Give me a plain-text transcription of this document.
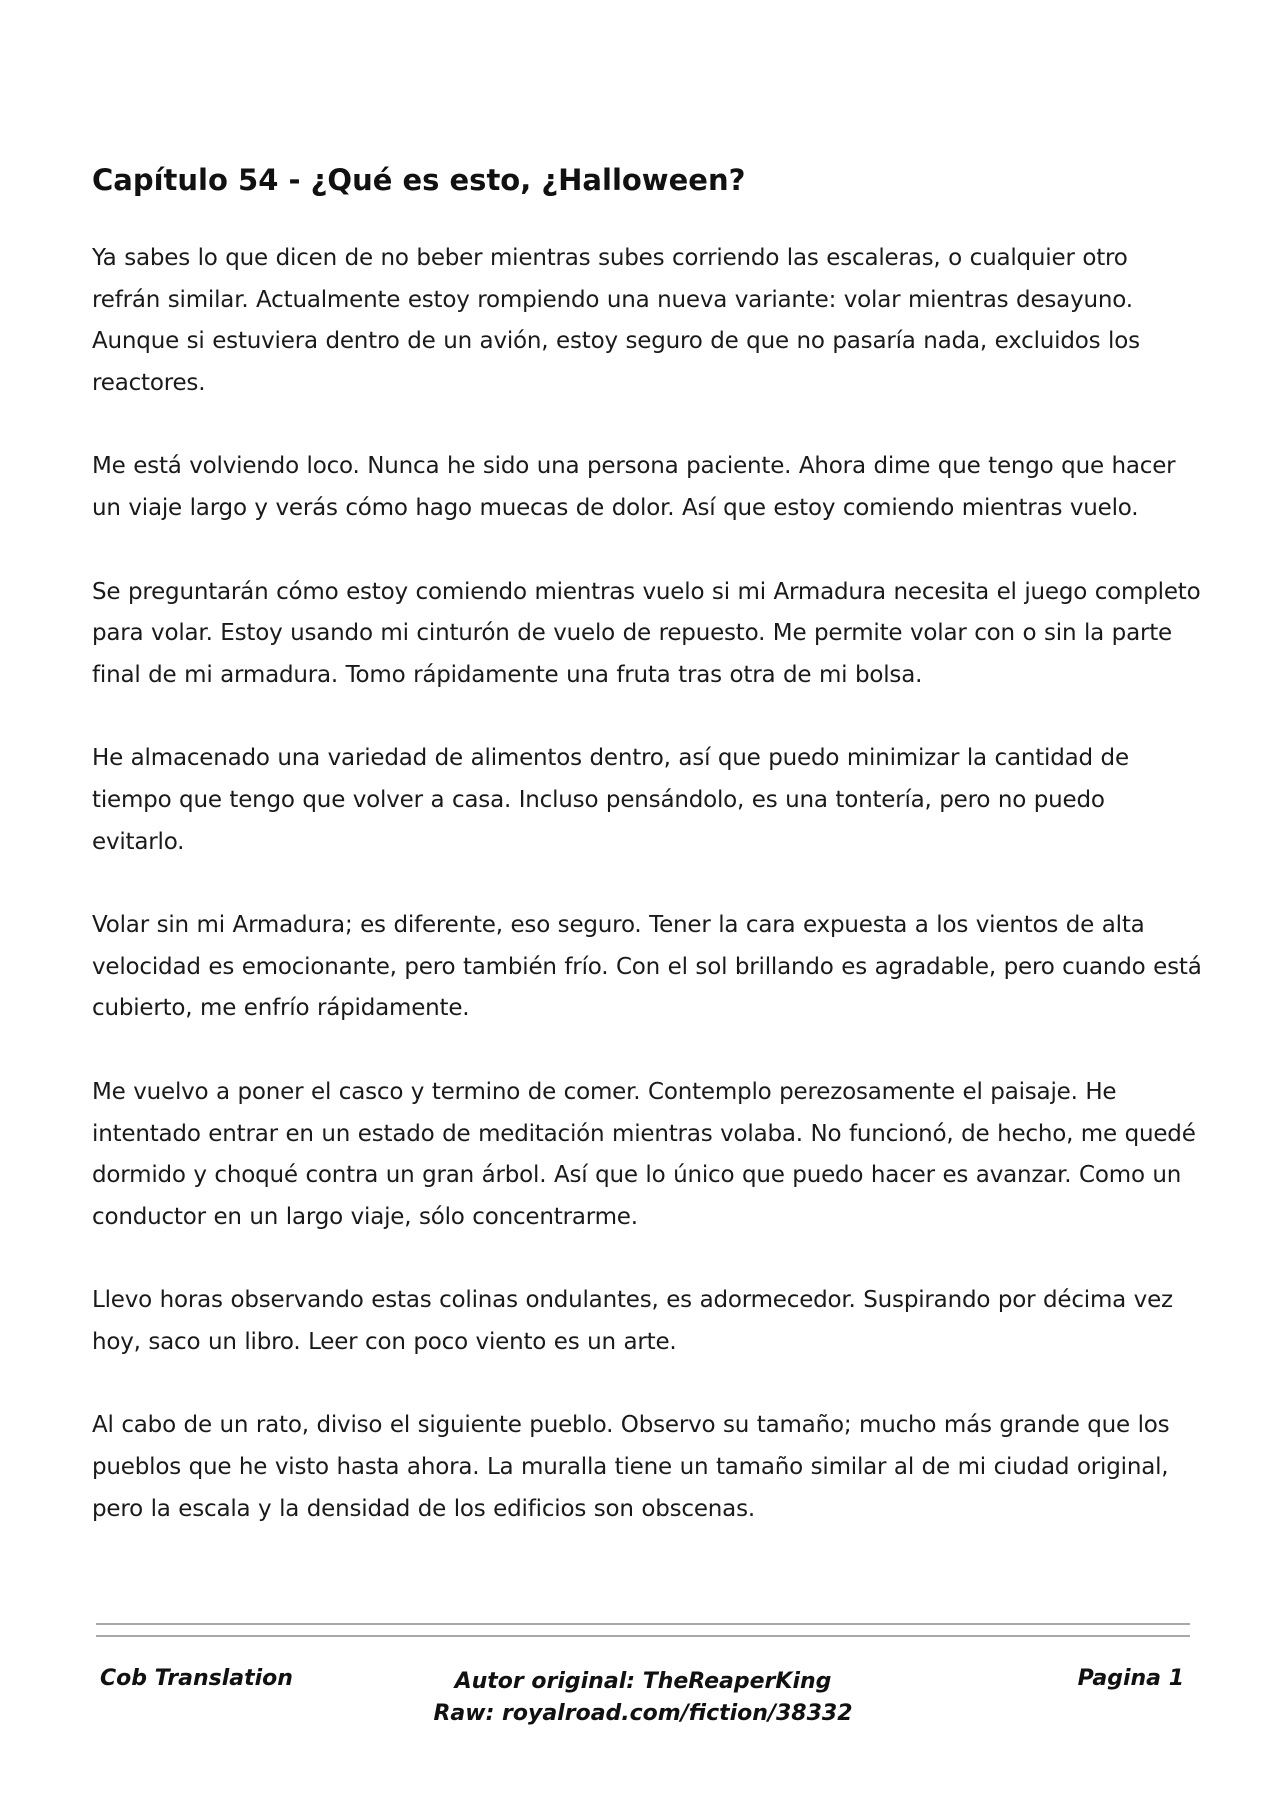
Capítulo 54 - ¿Qué es esto, ¿Halloween?

Ya sabes lo que dicen de no beber mientras subes corriendo las escaleras, o cualquier otro refrán similar. Actualmente estoy rompiendo una nueva variante: volar mientras desayuno. Aunque si estuviera dentro de un avión, estoy seguro de que no pasaría nada, excluidos los reactores.

Me está volviendo loco. Nunca he sido una persona paciente. Ahora dime que tengo que hacer un viaje largo y verás cómo hago muecas de dolor. Así que estoy comiendo mientras vuelo.

Se preguntarán cómo estoy comiendo mientras vuelo si mi Armadura necesita el juego completo para volar. Estoy usando mi cinturón de vuelo de repuesto. Me permite volar con o sin la parte final de mi armadura. Tomo rápidamente una fruta tras otra de mi bolsa.

He almacenado una variedad de alimentos dentro, así que puedo minimizar la cantidad de tiempo que tengo que volver a casa. Incluso pensándolo, es una tontería, pero no puedo evitarlo.

Volar sin mi Armadura; es diferente, eso seguro. Tener la cara expuesta a los vientos de alta velocidad es emocionante, pero también frío. Con el sol brillando es agradable, pero cuando está cubierto, me enfrío rápidamente.

Me vuelvo a poner el casco y termino de comer. Contemplo perezosamente el paisaje. He intentado entrar en un estado de meditación mientras volaba. No funcionó, de hecho, me quedé dormido y choqué contra un gran árbol. Así que lo único que puedo hacer es avanzar. Como un conductor en un largo viaje, sólo concentrarme.

Llevo horas observando estas colinas ondulantes, es adormecedor. Suspirando por décima vez hoy, saco un libro. Leer con poco viento es un arte.

Al cabo de un rato, diviso el siguiente pueblo. Observo su tamaño; mucho más grande que los pueblos que he visto hasta ahora. La muralla tiene un tamaño similar al de mi ciudad original, pero la escala y la densidad de los edificios son obscenas.

Cob Translation	Autor original: TheReaperKing
Raw: royalroad.com/fiction/38332
Pagina 1
